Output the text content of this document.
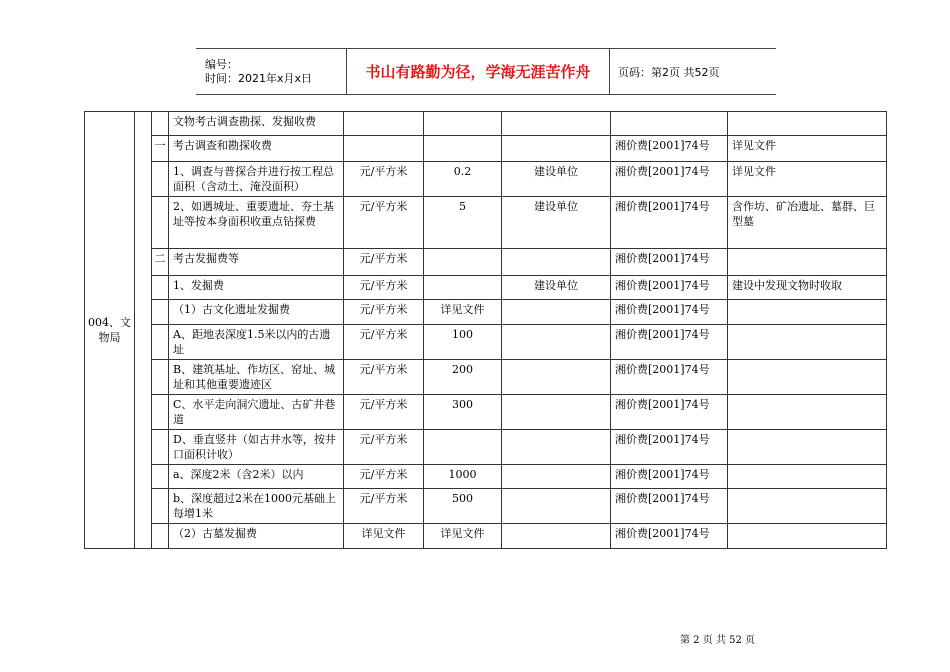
编号：
时间：2021年x月x日	书山有路勤为径，学海无涯苦作舟	页码：第2页 共52页
004、文物局			文物考古调查勘探、发掘收费					
		一	考古调查和勘探收费				湘价费[2001]74号	详见文件
			1、调查与普探合并进行按工程总面积（含动土、淹没面积）	元/平方米	0.2	建设单位	湘价费[2001]74号	详见文件
			2、如遇城址、重要遗址、夯土基址等按本身面积收重点钻探费	元/平方米	5	建设单位	湘价费[2001]74号	含作坊、矿冶遗址、墓群、巨型墓
		二	考古发掘费等	元/平方米			湘价费[2001]74号	
			1、发掘费	元/平方米		建设单位	湘价费[2001]74号	建设中发现文物时收取
			（1）古文化遗址发掘费	元/平方米	详见文件		湘价费[2001]74号	
			A、距地表深度1.5米以内的古遗址	元/平方米	100		湘价费[2001]74号	
			B、建筑基址、作坊区、窑址、城址和其他重要遗迹区	元/平方米	200		湘价费[2001]74号	
			C、水平走向洞穴遗址、古矿井巷道	元/平方米	300		湘价费[2001]74号	
			D、垂直竖井（如古井水等，按井口面积计收）	元/平方米			湘价费[2001]74号	
			a、深度2米（含2米）以内	元/平方米	1000		湘价费[2001]74号	
			b、深度超过2米在1000元基础上每增1米	元/平方米	500		湘价费[2001]74号	
			（2）古墓发掘费	详见文件	详见文件		湘价费[2001]74号	
第 2 页 共 52 页
